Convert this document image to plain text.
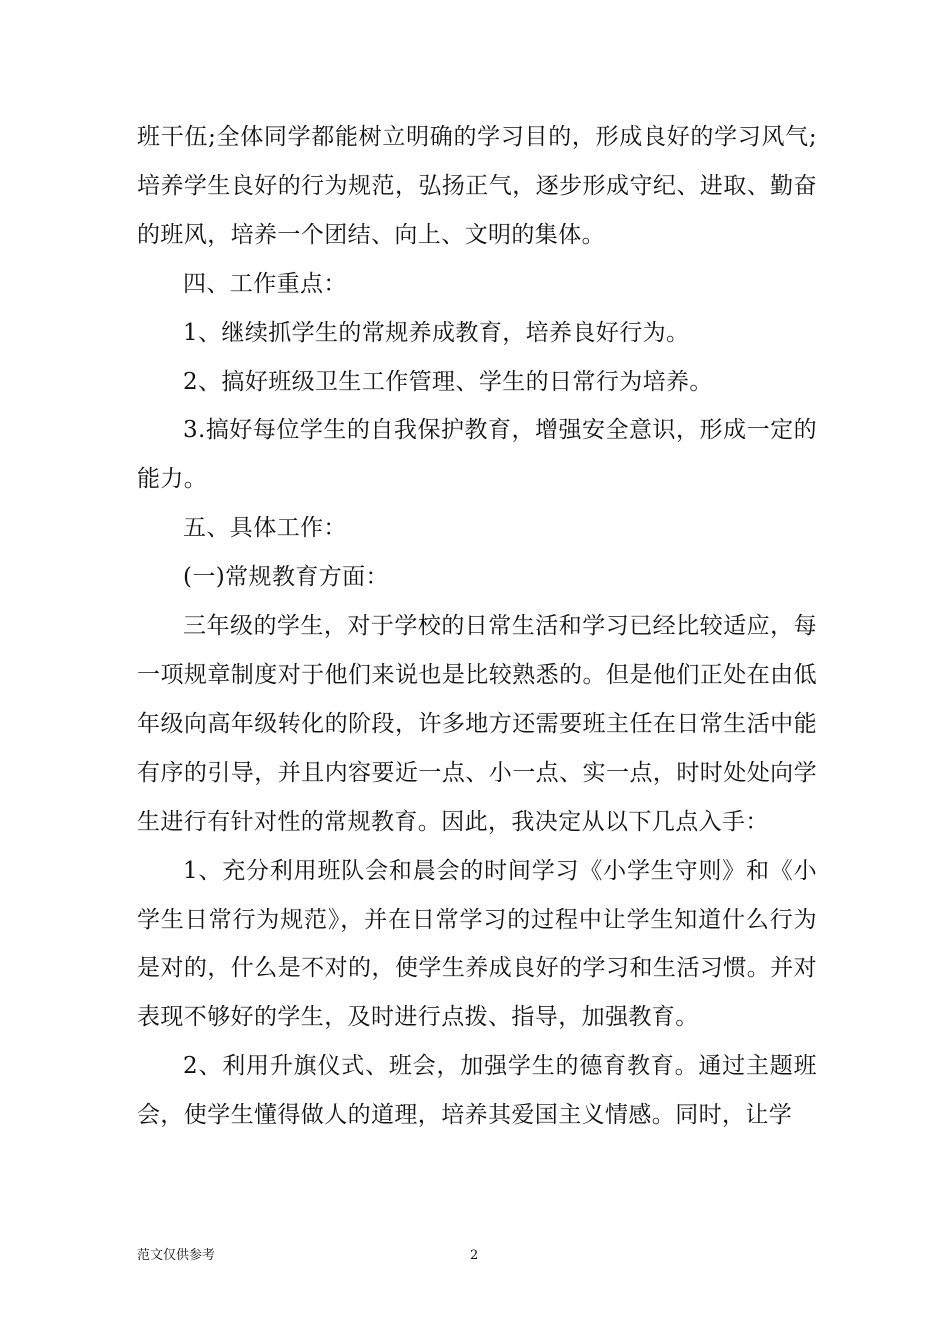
班干伍;全体同学都能树立明确的学习目的，形成良好的学习风气;培养学生良好的行为规范，弘扬正气，逐步形成守纪、进取、勤奋的班风，培养一个团结、向上、文明的集体。

四、工作重点：

1、继续抓学生的常规养成教育，培养良好行为。

2、搞好班级卫生工作管理、学生的日常行为培养。

3.搞好每位学生的自我保护教育，增强安全意识，形成一定的能力。

五、具体工作：

(一)常规教育方面：

三年级的学生，对于学校的日常生活和学习已经比较适应，每一项规章制度对于他们来说也是比较熟悉的。但是他们正处在由低年级向高年级转化的阶段，许多地方还需要班主任在日常生活中能有序的引导，并且内容要近一点、小一点、实一点，时时处处向学生进行有针对性的常规教育。因此，我决定从以下几点入手：

1、充分利用班队会和晨会的时间学习《小学生守则》和《小学生日常行为规范》，并在日常学习的过程中让学生知道什么行为是对的，什么是不对的，使学生养成良好的学习和生活习惯。并对表现不够好的学生，及时进行点拨、指导，加强教育。

2、利用升旗仪式、班会，加强学生的德育教育。通过主题班会，使学生懂得做人的道理，培养其爱国主义情感。同时，让学

范文仅供参考	2
